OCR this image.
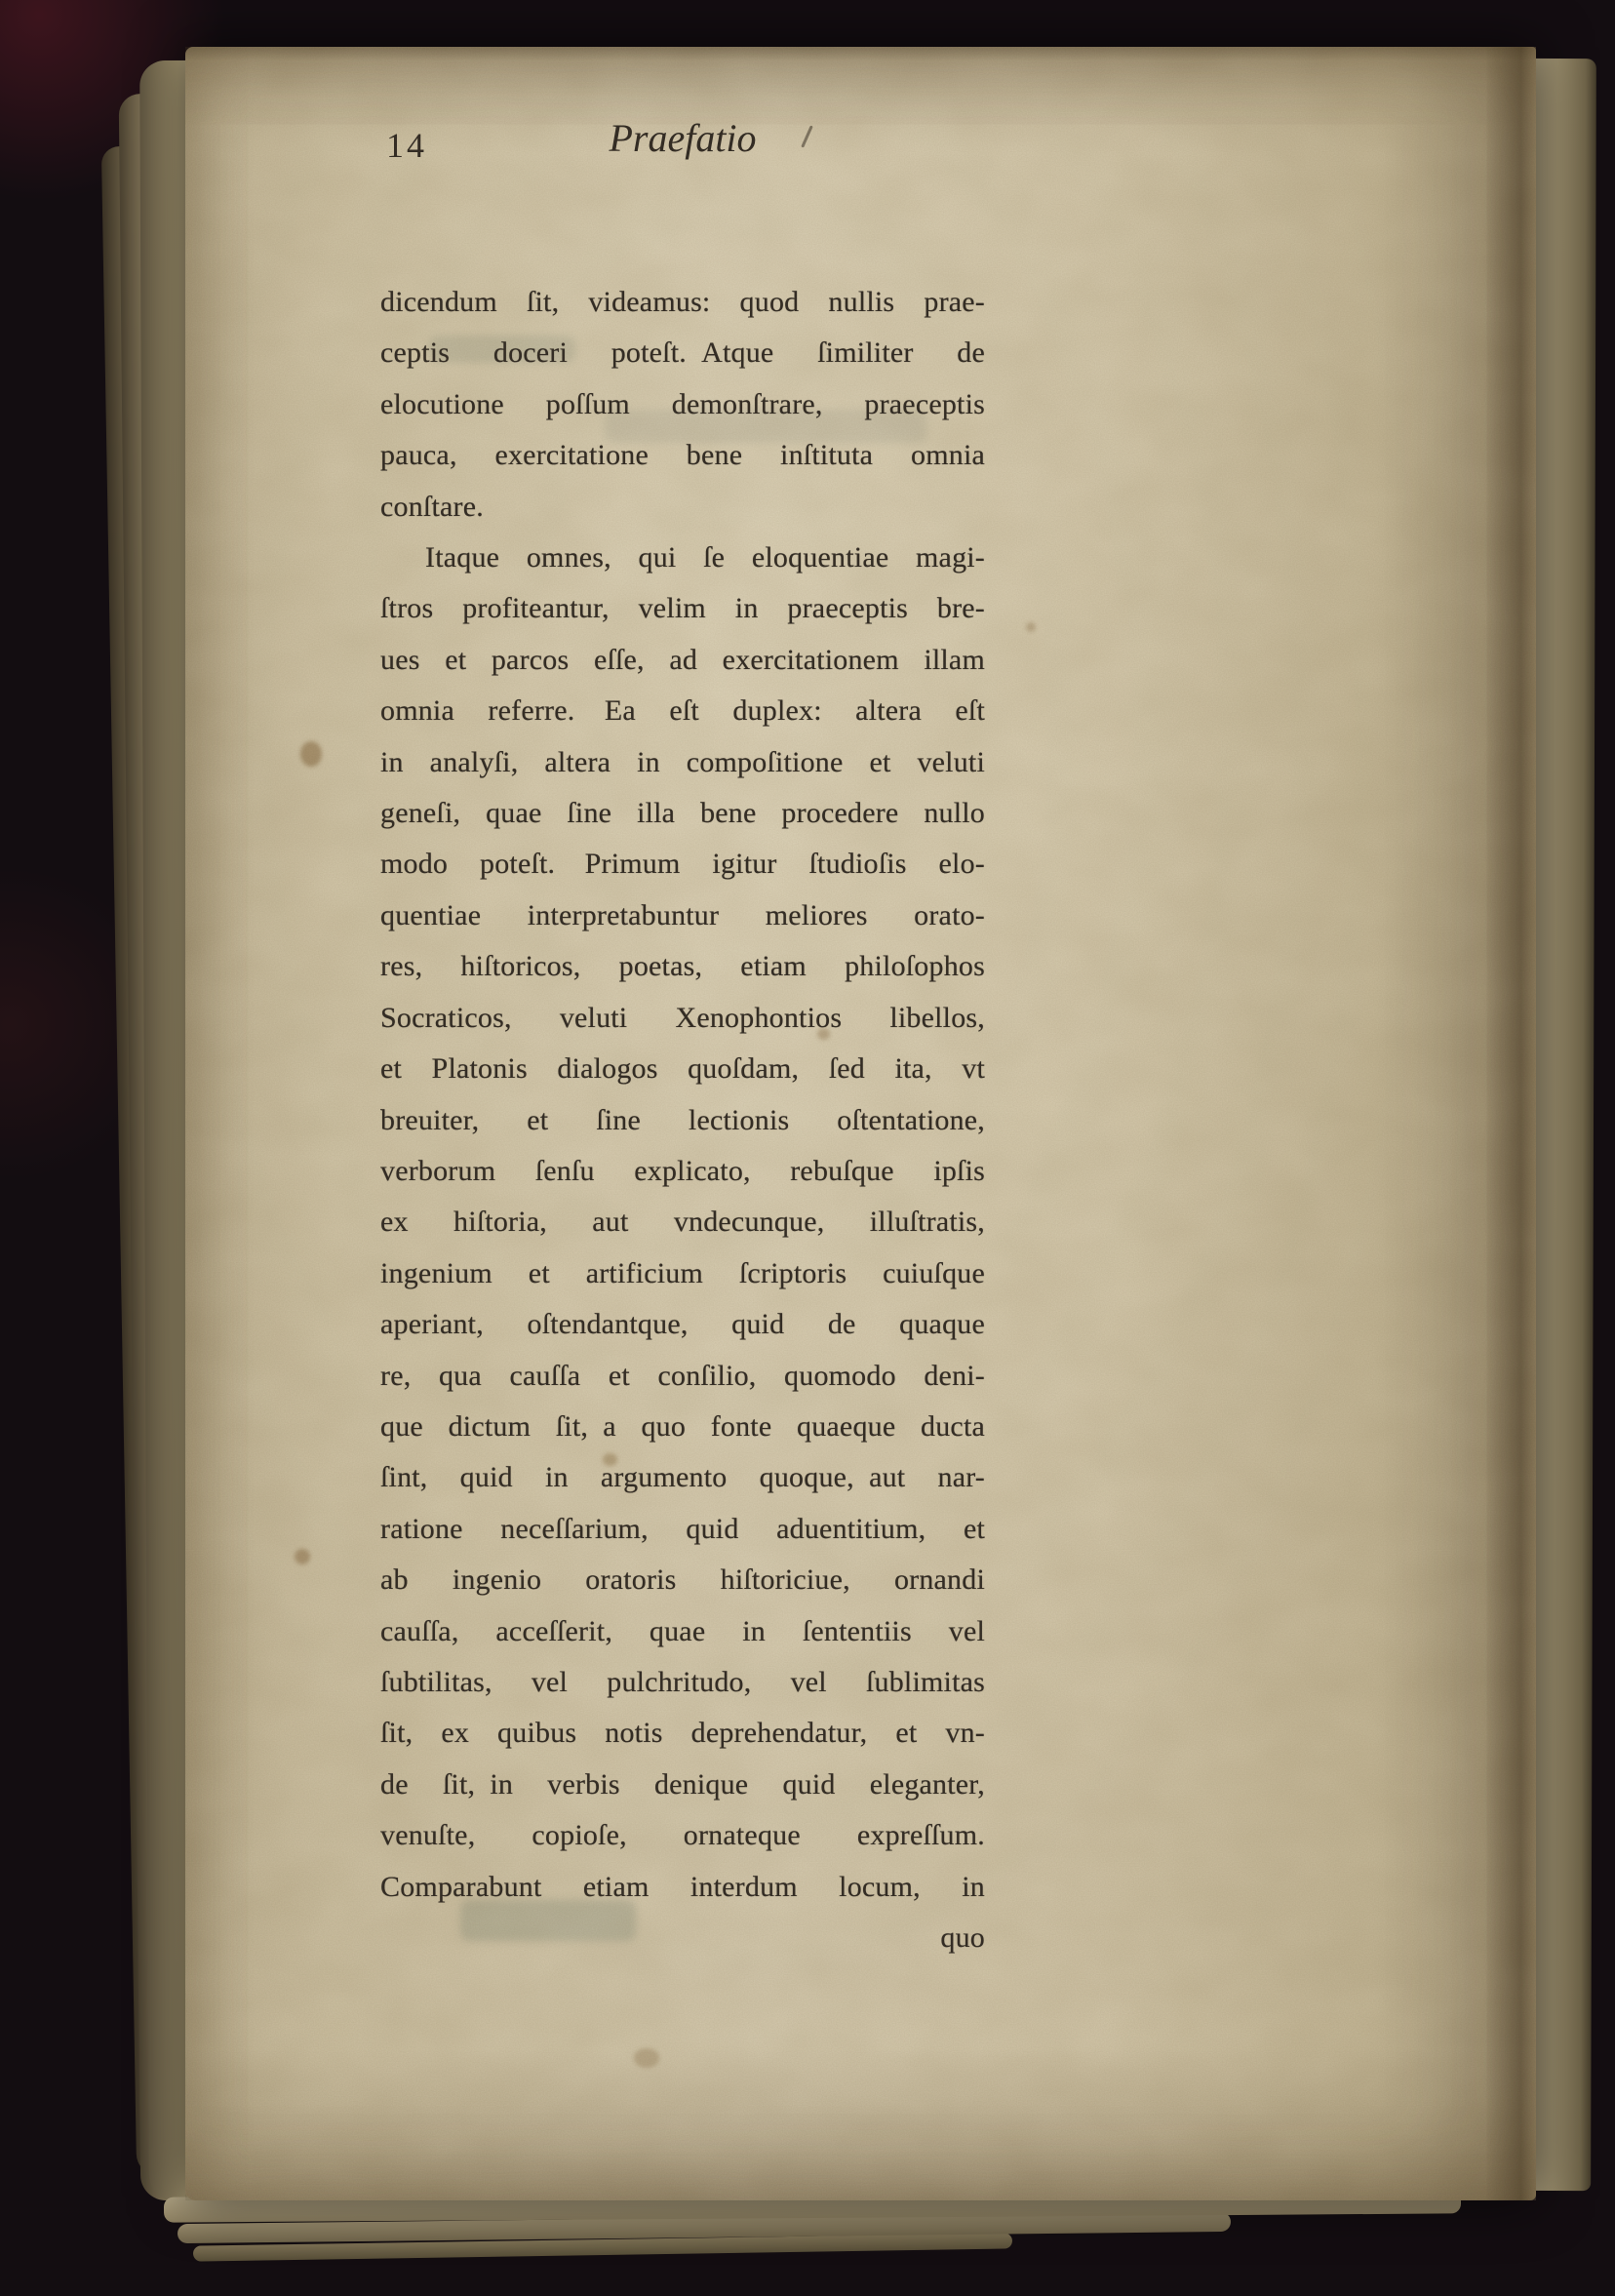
14	Praefatio
dicendum ſit, videamus: quod nullis prae-
ceptis doceri poteſt. Atque ſimiliter de
elocutione poſſum demonſtrare, praeceptis
pauca, exercitatione bene inſtituta omnia
conſtare.
Itaque omnes, qui ſe eloquentiae magi-
ſtros profiteantur, velim in praeceptis bre-
ues et parcos eſſe, ad exercitationem illam
omnia referre.  Ea eſt duplex: altera eſt
in analyſi, altera in compoſitione et veluti
geneſi, quae ſine illa bene procedere nullo
modo poteſt.  Primum igitur ſtudioſis elo-
quentiae interpretabuntur meliores orato-
res, hiſtoricos, poetas, etiam philoſophos
Socraticos, veluti Xenophontios libellos,
et Platonis dialogos quoſdam, ſed ita, vt
breuiter, et ſine lectionis oſtentatione,
verborum ſenſu explicato, rebuſque ipſis
ex hiſtoria, aut vndecunque, illuſtratis,
ingenium et artificium ſcriptoris cuiuſque
aperiant, oſtendantque, quid de quaque
re, qua cauſſa et conſilio, quomodo deni-
que dictum ſit, a quo fonte quaeque ducta
ſint, quid in argumento quoque, aut nar-
ratione neceſſarium, quid aduentitium, et
ab ingenio oratoris hiſtoriciue, ornandi
cauſſa, acceſſerit, quae in ſententiis vel
ſubtilitas, vel pulchritudo, vel ſublimitas
ſit, ex quibus notis deprehendatur, et vn-
de ſit, in verbis denique quid eleganter,
venuſte, copioſe, ornateque expreſſum.
Comparabunt etiam interdum locum, in
quo
